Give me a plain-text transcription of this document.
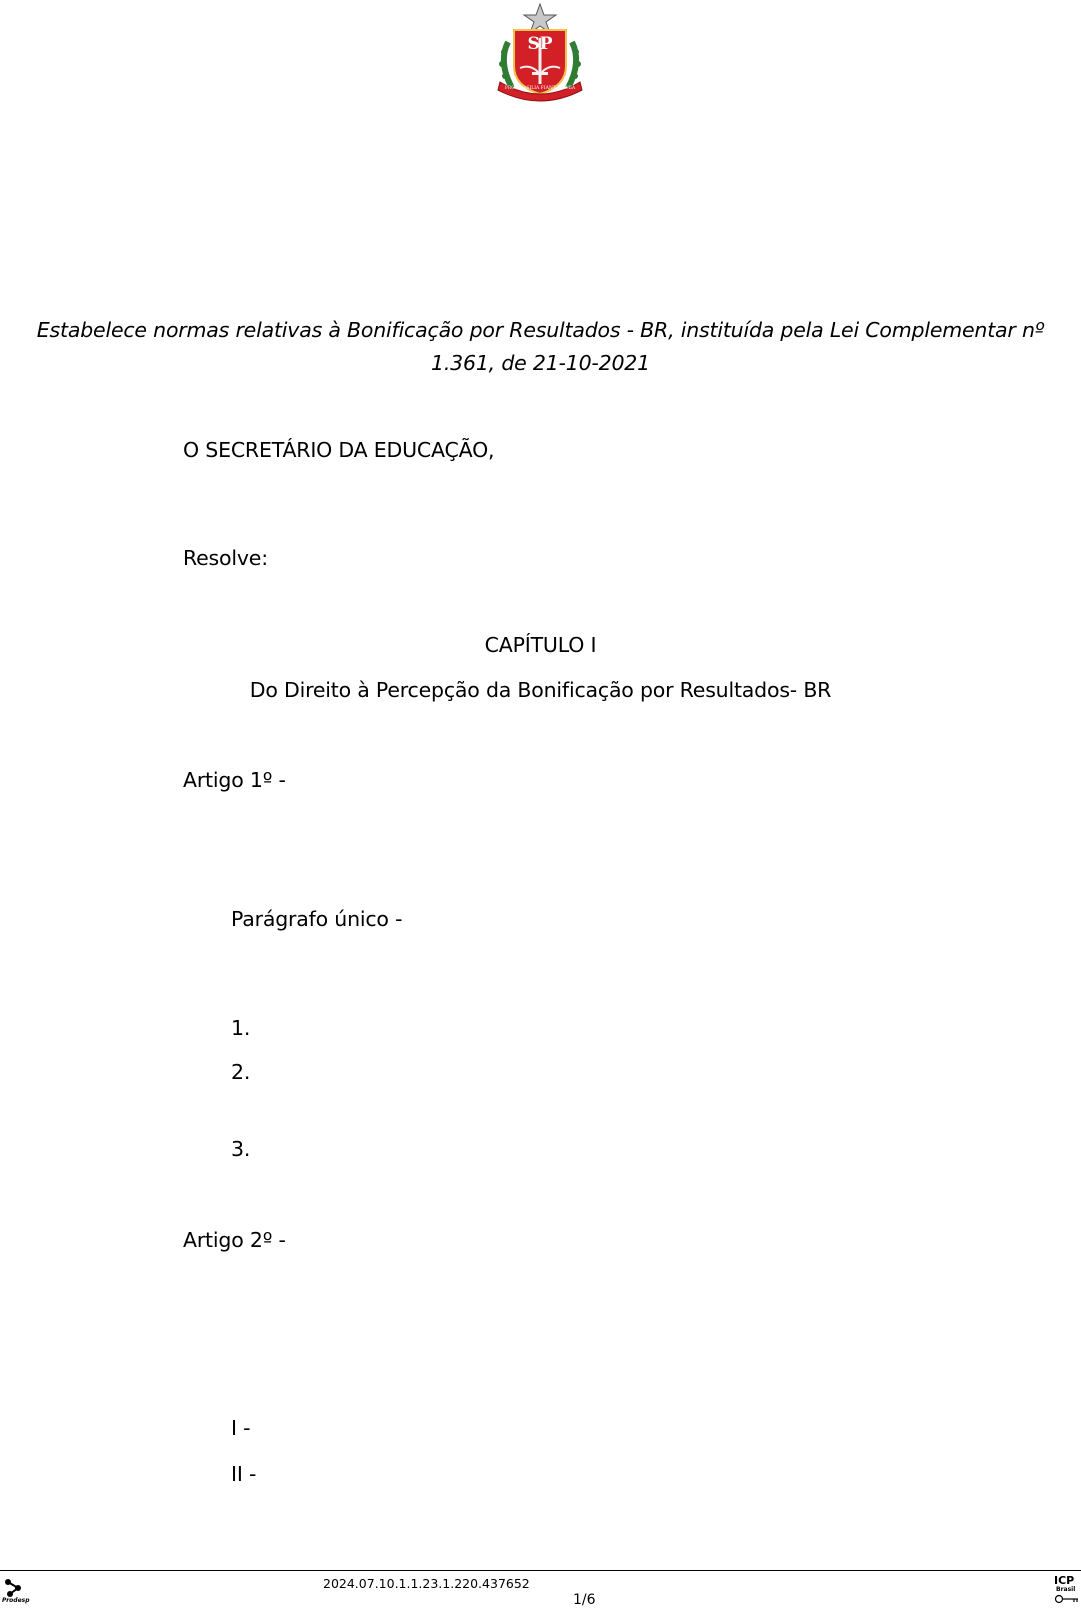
SP
PRO BRASILIA FIANT EXIMIA
Estabelece normas relativas à Bonificação por Resultados - BR, instituída pela Lei Complementar nº
1.361, de 21-10-2021
O SECRETÁRIO DA EDUCAÇÃO,
Resolve:
CAPÍTULO I
Do Direito à Percepção da Bonificação por Resultados- BR
Artigo 1º -
Parágrafo único -
1.
2.
3.
Artigo 2º -
I -
II -
Prodesp
2024.07.10.1.1.23.1.220.437652
1/6
ICP
Brasil
